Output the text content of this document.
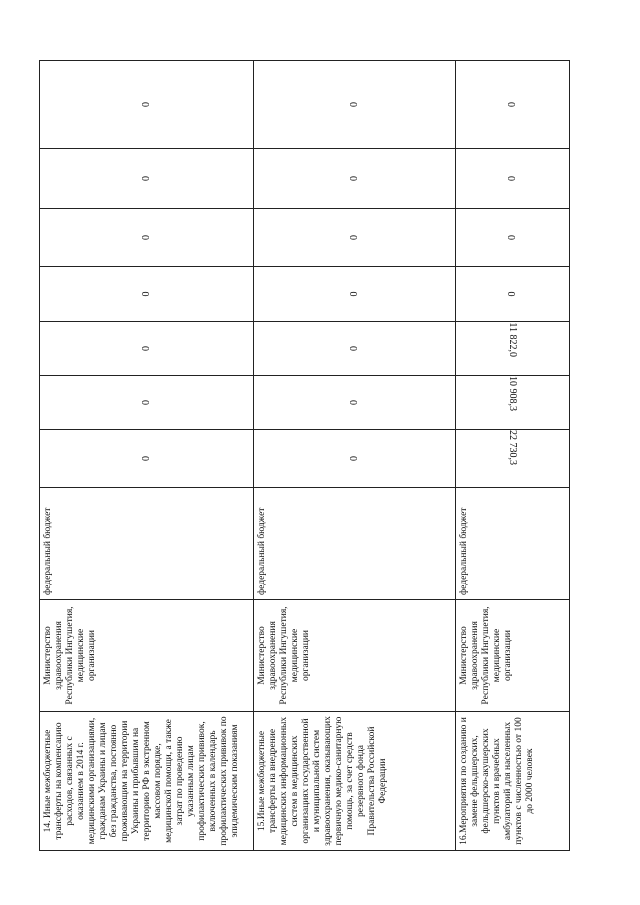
14. Иные межбюджетные трансферты на компенсацию расходов, связанных с оказанием в 2014 г. медицинскими организациями, гражданам Украины и лицам без гражданства, постоянно проживающим на территории Украины и прибывшим на территорию РФ в экстренном массовом порядке, медицинской помощи, а также затрат по проведению указанным лицам профилактических прививок, включенных в календарь профилактических прививок по эпидемическим показаниям	Министерство здравоохранения Республики Ингушетия, медицинские организации	федеральный бюджет	0	0	0	0	0	0	0
15.Иные межбюджетные трансферты на внедрение медицинских информационных систем в медицинских организациях государственной и муниципальной систем здравоохранения, оказывающих первичную медико-санитарную помощь, за счет средств резервного фонда Правительства Российской Федерации	Министерство здравоохранения Республики Ингушетия, медицинские организации	федеральный бюджет	0	0	0	0	0	0	0
16.Мероприятия по созданию и замене фельдшерских, фельдшерско-акушерских пунктов и врачебных амбулаторий для населенных пунктов с численностью от 100 до 2000 человек	Министерство здравоохранения Республики Ингушетия, медицинские организации	федеральный бюджет	22 730,3	10 908,3	11 822,0	0	0	0	0
